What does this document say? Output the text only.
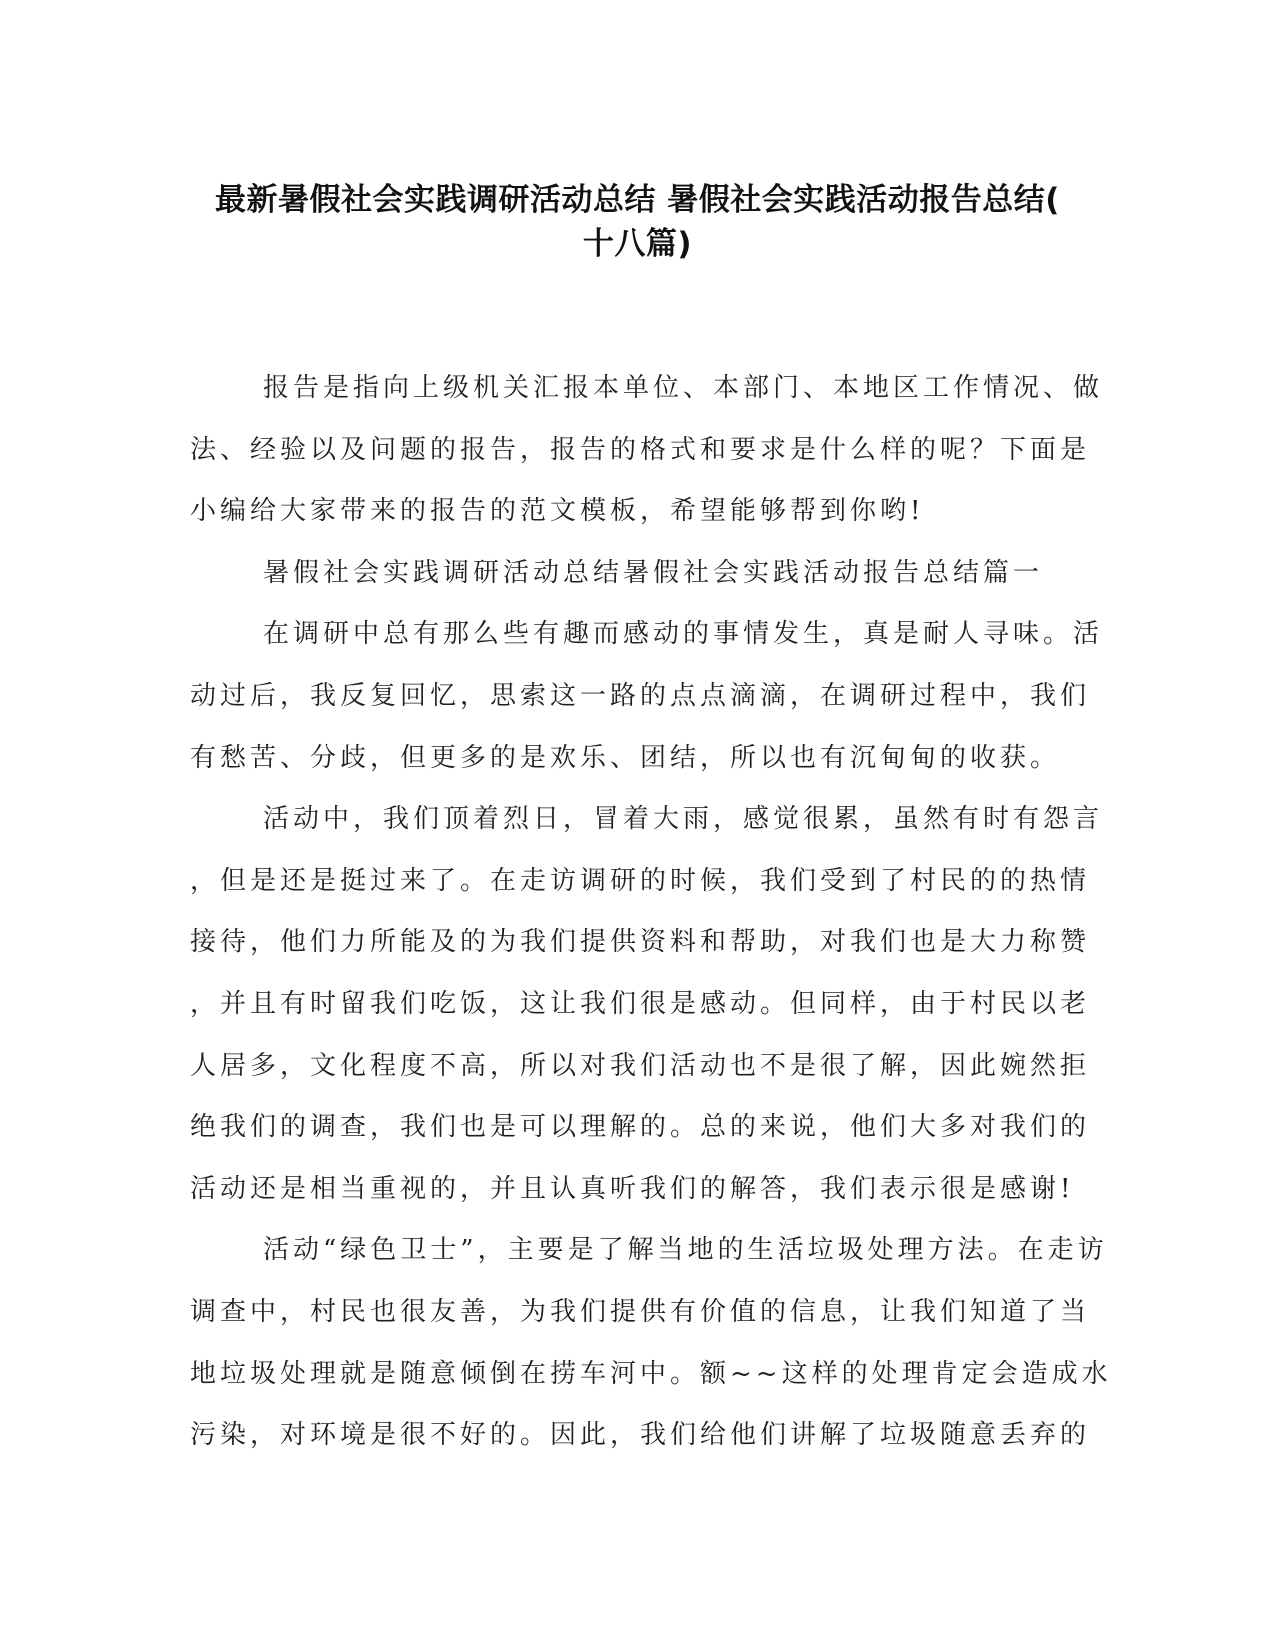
最新暑假社会实践调研活动总结 暑假社会实践活动报告总结(
十八篇)
报告是指向上级机关汇报本单位、本部门、本地区工作情况、做
法、经验以及问题的报告，报告的格式和要求是什么样的呢？下面是
小编给大家带来的报告的范文模板，希望能够帮到你哟!
暑假社会实践调研活动总结暑假社会实践活动报告总结篇一
在调研中总有那么些有趣而感动的事情发生，真是耐人寻味。活
动过后，我反复回忆，思索这一路的点点滴滴，在调研过程中，我们
有愁苦、分歧，但更多的是欢乐、团结，所以也有沉甸甸的收获。
活动中，我们顶着烈日，冒着大雨，感觉很累，虽然有时有怨言
，但是还是挺过来了。在走访调研的时候，我们受到了村民的的热情
接待，他们力所能及的为我们提供资料和帮助，对我们也是大力称赞
，并且有时留我们吃饭，这让我们很是感动。但同样，由于村民以老
人居多，文化程度不高，所以对我们活动也不是很了解，因此婉然拒
绝我们的调查，我们也是可以理解的。总的来说，他们大多对我们的
活动还是相当重视的，并且认真听我们的解答，我们表示很是感谢!
活动“绿色卫士”，主要是了解当地的生活垃圾处理方法。在走访
调查中，村民也很友善，为我们提供有价值的信息，让我们知道了当
地垃圾处理就是随意倾倒在捞车河中。额~~这样的处理肯定会造成水
污染，对环境是很不好的。因此，我们给他们讲解了垃圾随意丢弃的
